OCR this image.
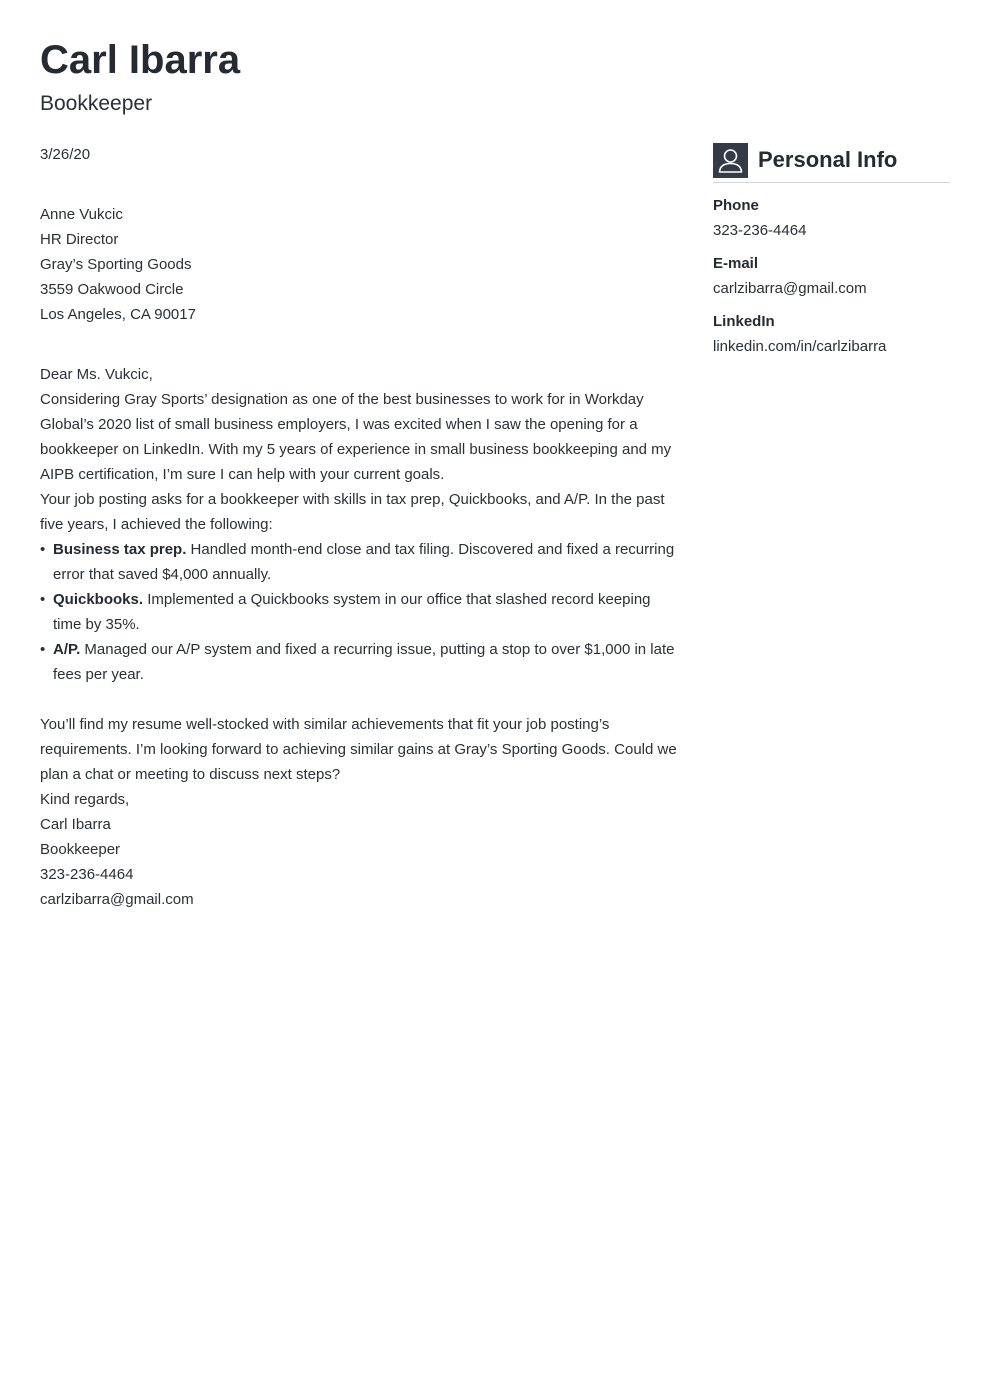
Carl Ibarra
Bookkeeper

3/26/20

Anne Vukcic
HR Director
Gray’s Sporting Goods
3559 Oakwood Circle
Los Angeles, CA 90017

Dear Ms. Vukcic,

Considering Gray Sports’ designation as one of the best businesses to work for in Workday Global’s 2020 list of small business employers, I was excited when I saw the opening for a bookkeeper on LinkedIn. With my 5 years of experience in small business bookkeeping and my AIPB certification, I’m sure I can help with your current goals.

Your job posting asks for a bookkeeper with skills in tax prep, Quickbooks, and A/P. In the past five years, I achieved the following:

• Business tax prep. Handled month-end close and tax filing. Discovered and fixed a recurring error that saved $4,000 annually.
• Quickbooks. Implemented a Quickbooks system in our office that slashed record keeping time by 35%.
• A/P. Managed our A/P system and fixed a recurring issue, putting a stop to over $1,000 in late fees per year.

You’ll find my resume well-stocked with similar achievements that fit your job posting’s requirements. I’m looking forward to achieving similar gains at Gray’s Sporting Goods. Could we plan a chat or meeting to discuss next steps?

Kind regards,

Carl Ibarra
Bookkeeper
323-236-4464
carlzibarra@gmail.com
Personal Info
Phone
323-236-4464
E-mail
carlzibarra@gmail.com
LinkedIn
linkedin.com/in/carlzibarra
